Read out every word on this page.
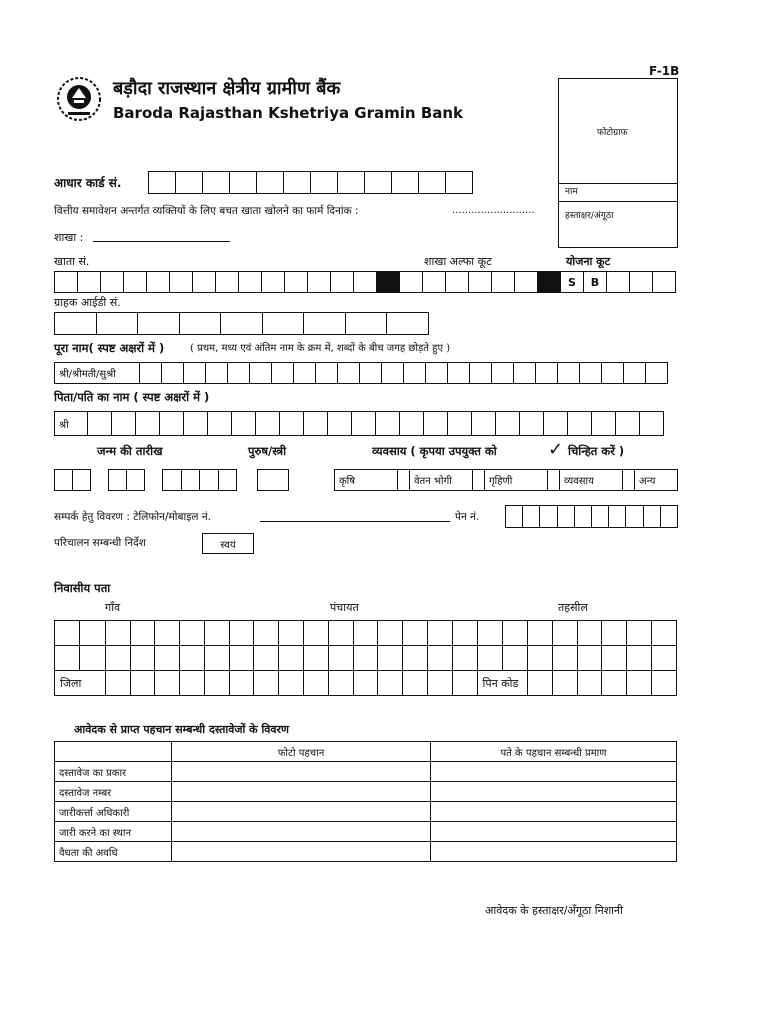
F-1B
बड़ौदा राजस्थान क्षेत्रीय ग्रामीण बैंक
Baroda Rajasthan Kshetriya Gramin Bank
फोटोग्राफ
नाम
हस्ताक्षर/अंगूठा
आधार कार्ड सं.
वित्तीय समावेशन अन्तर्गत व्यक्तियों के लिए बचत खाता खोलने का फार्म दिनांक :	..........................
शाखा :
खाता सं.	शाखा अल्फा कूट	योजना कूट
S	B
ग्राहक आईडी सं.
पूरा नाम( स्पष्ट अक्षरों में )	( प्रथम, मध्य एवं अंतिम नाम के क्रम में, शब्दों के बीच जगह छोड़ते हुए )
श्री/श्रीमती/सुश्री
पिता/पति का नाम ( स्पष्ट अक्षरों में )
श्री
जन्म की तारीख	पुरुष/स्त्री	व्यवसाय ( कृपया उपयुक्त को	✓ चिन्हित करें )
कृषि	वेतन भोगी	गृहिणी	व्यवसाय	अन्य
सम्पर्क हेतु विवरण : टेलिफोन/मोबाइल नं.	पेन नं.
परिचालन सम्बन्धी निर्देश	स्वयं
निवासीय पता
गाँव	पंचायत	तहसील

जिला																	पिन कोड							
आवेदक से प्राप्त पहचान सम्बन्धी दस्तावेजों के विवरण
	फोटो पहचान	पते के पहचान सम्बन्धी प्रमाण
दस्तावेज का प्रकार		
दस्तावेज नम्बर		
जारीकर्त्ता अधिकारी		
जारी करने का स्थान		
वैधता की अवधि		
आवेदक के हस्ताक्षर/अँगूठा निशानी
